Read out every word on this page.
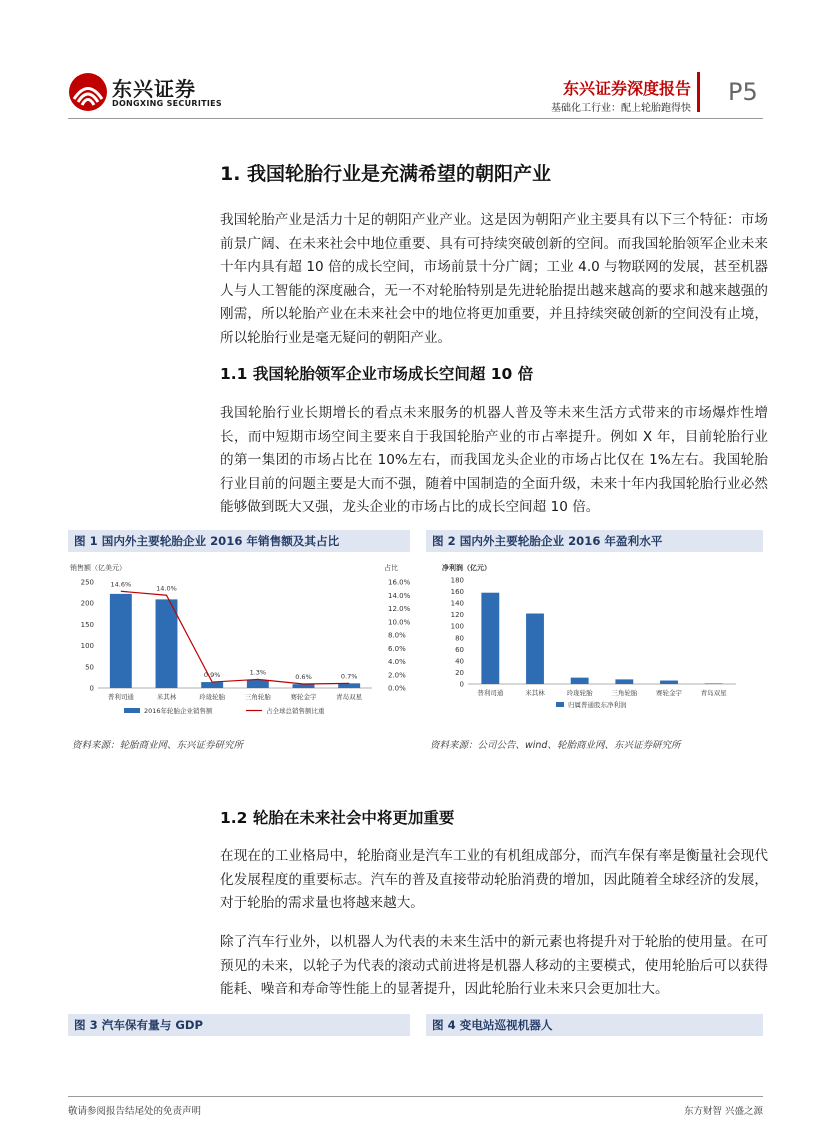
东兴证券
DONGXING SECURITIES
东兴证券深度报告
基础化工行业：配上轮胎跑得快
P5
1. 我国轮胎行业是充满希望的朝阳产业
我国轮胎产业是活力十足的朝阳产业产业。这是因为朝阳产业主要具有以下三个特征：市场前景广阔、在未来社会中地位重要、具有可持续突破创新的空间。而我国轮胎领军企业未来十年内具有超 10 倍的成长空间，市场前景十分广阔；工业 4.0 与物联网的发展，甚至机器人与人工智能的深度融合，无一不对轮胎特别是先进轮胎提出越来越高的要求和越来越强的刚需，所以轮胎产业在未来社会中的地位将更加重要，并且持续突破创新的空间没有止境，所以轮胎行业是毫无疑问的朝阳产业。
1.1 我国轮胎领军企业市场成长空间超 10 倍
我国轮胎行业长期增长的看点未来服务的机器人普及等未来生活方式带来的市场爆炸性增长，而中短期市场空间主要来自于我国轮胎产业的市占率提升。例如 X 年，目前轮胎行业的第一集团的市场占比在 10%左右，而我国龙头企业的市场占比仅在 1%左右。我国轮胎行业目前的问题主要是大而不强，随着中国制造的全面升级，未来十年内我国轮胎行业必然能够做到既大又强，龙头企业的市场占比的成长空间超 10 倍。
图 1 国内外主要轮胎企业 2016 年销售额及其占比
销售额（亿美元）	占比
0
50
100
150
200
250
0.0%
2.0%
4.0%
6.0%
8.0%
10.0%
12.0%
14.0%
16.0%
普利司通
14.6%
米其林
14.0%
玲珑轮胎
0.9%
三角轮胎
1.3%
赛轮金宇
0.6%
青岛双星
0.7%
2016年轮胎企业销售额	占全球总销售额比重
资料来源：轮胎商业网、东兴证券研究所
图 2 国内外主要轮胎企业 2016 年盈利水平
净利润（亿元）
0
20
40
60
80
100
120
140
160
180
普利司通	米其林	玲珑轮胎	三角轮胎	赛轮金宇	青岛双星
归属普通股东净利润
资料来源：公司公告、wind、轮胎商业网、东兴证券研究所
1.2 轮胎在未来社会中将更加重要
在现在的工业格局中，轮胎商业是汽车工业的有机组成部分，而汽车保有率是衡量社会现代化发展程度的重要标志。汽车的普及直接带动轮胎消费的增加，因此随着全球经济的发展，对于轮胎的需求量也将越来越大。
除了汽车行业外，以机器人为代表的未来生活中的新元素也将提升对于轮胎的使用量。在可预见的未来，以轮子为代表的滚动式前进将是机器人移动的主要模式，使用轮胎后可以获得能耗、噪音和寿命等性能上的显著提升，因此轮胎行业未来只会更加壮大。
图 3 汽车保有量与 GDP	图 4 变电站巡视机器人
敬请参阅报告结尾处的免责声明	东方财智 兴盛之源
